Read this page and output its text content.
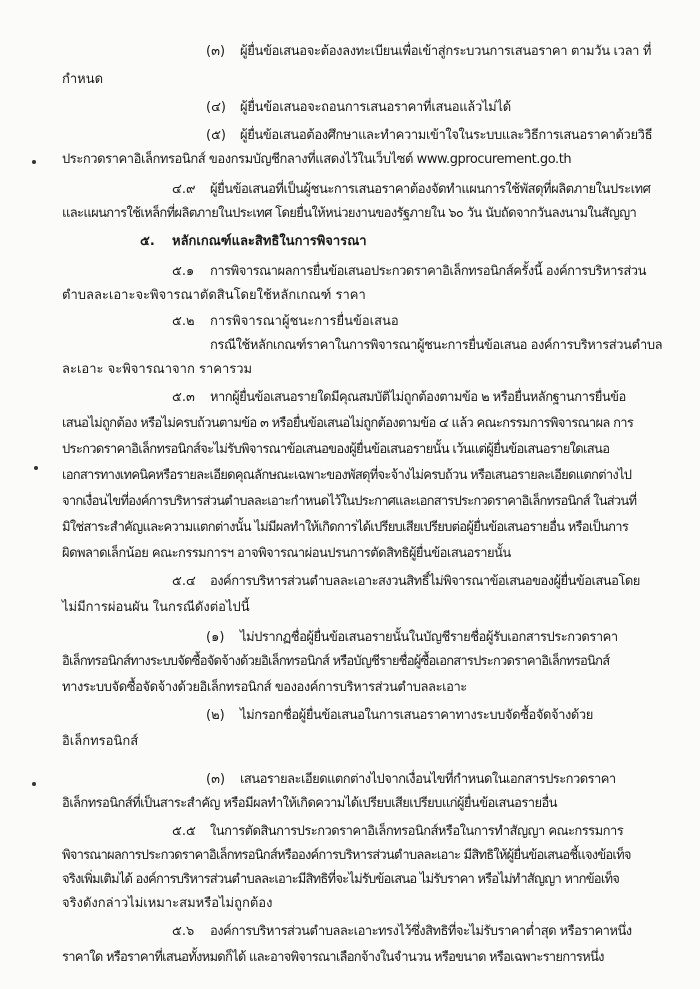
(๓) ผู้ยื่นข้อเสนอจะต้องลงทะเบียนเพื่อเข้าสู่กระบวนการเสนอราคา ตามวัน เวลา ที่
กำหนด
(๔) ผู้ยื่นข้อเสนอจะถอนการเสนอราคาที่เสนอแล้วไม่ได้
(๕) ผู้ยื่นข้อเสนอต้องศึกษาและทำความเข้าใจในระบบและวิธีการเสนอราคาด้วยวิธี
ประกวดราคาอิเล็กทรอนิกส์ ของกรมบัญชีกลางที่แสดงไว้ในเว็บไซต์ www.gprocurement.go.th
๔.๙ ผู้ยื่นข้อเสนอที่เป็นผู้ชนะการเสนอราคาต้องจัดทำแผนการใช้พัสดุที่ผลิตภายในประเทศ
และแผนการใช้เหล็กที่ผลิตภายในประเทศ โดยยื่นให้หน่วยงานของรัฐภายใน ๖๐ วัน นับถัดจากวันลงนามในสัญญา
๕. หลักเกณฑ์และสิทธิในการพิจารณา
๕.๑ การพิจารณาผลการยื่นข้อเสนอประกวดราคาอิเล็กทรอนิกส์ครั้งนี้ องค์การบริหารส่วน
ตำบลละเอาะจะพิจารณาตัดสินโดยใช้หลักเกณฑ์ ราคา
๕.๒ การพิจารณาผู้ชนะการยื่นข้อเสนอ
กรณีใช้หลักเกณฑ์ราคาในการพิจารณาผู้ชนะการยื่นข้อเสนอ องค์การบริหารส่วนตำบล
ละเอาะ จะพิจารณาจาก ราคารวม
๕.๓ หากผู้ยื่นข้อเสนอรายใดมีคุณสมบัติไม่ถูกต้องตามข้อ ๒ หรือยื่นหลักฐานการยื่นข้อ
เสนอไม่ถูกต้อง หรือไม่ครบถ้วนตามข้อ ๓ หรือยื่นข้อเสนอไม่ถูกต้องตามข้อ ๔ แล้ว คณะกรรมการพิจารณาผล การ
ประกวดราคาอิเล็กทรอนิกส์จะไม่รับพิจารณาข้อเสนอของผู้ยื่นข้อเสนอรายนั้น เว้นแต่ผู้ยื่นข้อเสนอรายใดเสนอ
เอกสารทางเทคนิคหรือรายละเอียดคุณลักษณะเฉพาะของพัสดุที่จะจ้างไม่ครบถ้วน หรือเสนอรายละเอียดแตกต่างไป
จากเงื่อนไขที่องค์การบริหารส่วนตำบลละเอาะกำหนดไว้ในประกาศและเอกสารประกวดราคาอิเล็กทรอนิกส์ ในส่วนที่
มิใช่สาระสำคัญและความแตกต่างนั้น ไม่มีผลทำให้เกิดการได้เปรียบเสียเปรียบต่อผู้ยื่นข้อเสนอรายอื่น หรือเป็นการ
ผิดพลาดเล็กน้อย คณะกรรมการฯ อาจพิจารณาผ่อนปรนการตัดสิทธิผู้ยื่นข้อเสนอรายนั้น
๕.๔ องค์การบริหารส่วนตำบลละเอาะสงวนสิทธิ์ไม่พิจารณาข้อเสนอของผู้ยื่นข้อเสนอโดย
ไม่มีการผ่อนผัน ในกรณีดังต่อไปนี้
(๑) ไม่ปรากฏชื่อผู้ยื่นข้อเสนอรายนั้นในบัญชีรายชื่อผู้รับเอกสารประกวดราคา
อิเล็กทรอนิกส์ทางระบบจัดซื้อจัดจ้างด้วยอิเล็กทรอนิกส์ หรือบัญชีรายชื่อผู้ซื้อเอกสารประกวดราคาอิเล็กทรอนิกส์
ทางระบบจัดซื้อจัดจ้างด้วยอิเล็กทรอนิกส์ ขององค์การบริหารส่วนตำบลละเอาะ
(๒) ไม่กรอกชื่อผู้ยื่นข้อเสนอในการเสนอราคาทางระบบจัดซื้อจัดจ้างด้วย
อิเล็กทรอนิกส์
(๓) เสนอรายละเอียดแตกต่างไปจากเงื่อนไขที่กำหนดในเอกสารประกวดราคา
อิเล็กทรอนิกส์ที่เป็นสาระสำคัญ หรือมีผลทำให้เกิดความได้เปรียบเสียเปรียบแก่ผู้ยื่นข้อเสนอรายอื่น
๕.๕ ในการตัดสินการประกวดราคาอิเล็กทรอนิกส์หรือในการทำสัญญา คณะกรรมการ
พิจารณาผลการประกวดราคาอิเล็กทรอนิกส์หรือองค์การบริหารส่วนตำบลละเอาะ มีสิทธิให้ผู้ยื่นข้อเสนอชี้แจงข้อเท็จ
จริงเพิ่มเติมได้ องค์การบริหารส่วนตำบลละเอาะมีสิทธิที่จะไม่รับข้อเสนอ ไม่รับราคา หรือไม่ทำสัญญา หากข้อเท็จ
จริงดังกล่าวไม่เหมาะสมหรือไม่ถูกต้อง
๕.๖ องค์การบริหารส่วนตำบลละเอาะทรงไว้ซึ่งสิทธิที่จะไม่รับราคาต่ำสุด หรือราคาหนึ่ง
ราคาใด หรือราคาที่เสนอทั้งหมดก็ได้ และอาจพิจารณาเลือกจ้างในจำนวน หรือขนาด หรือเฉพาะรายการหนึ่ง
